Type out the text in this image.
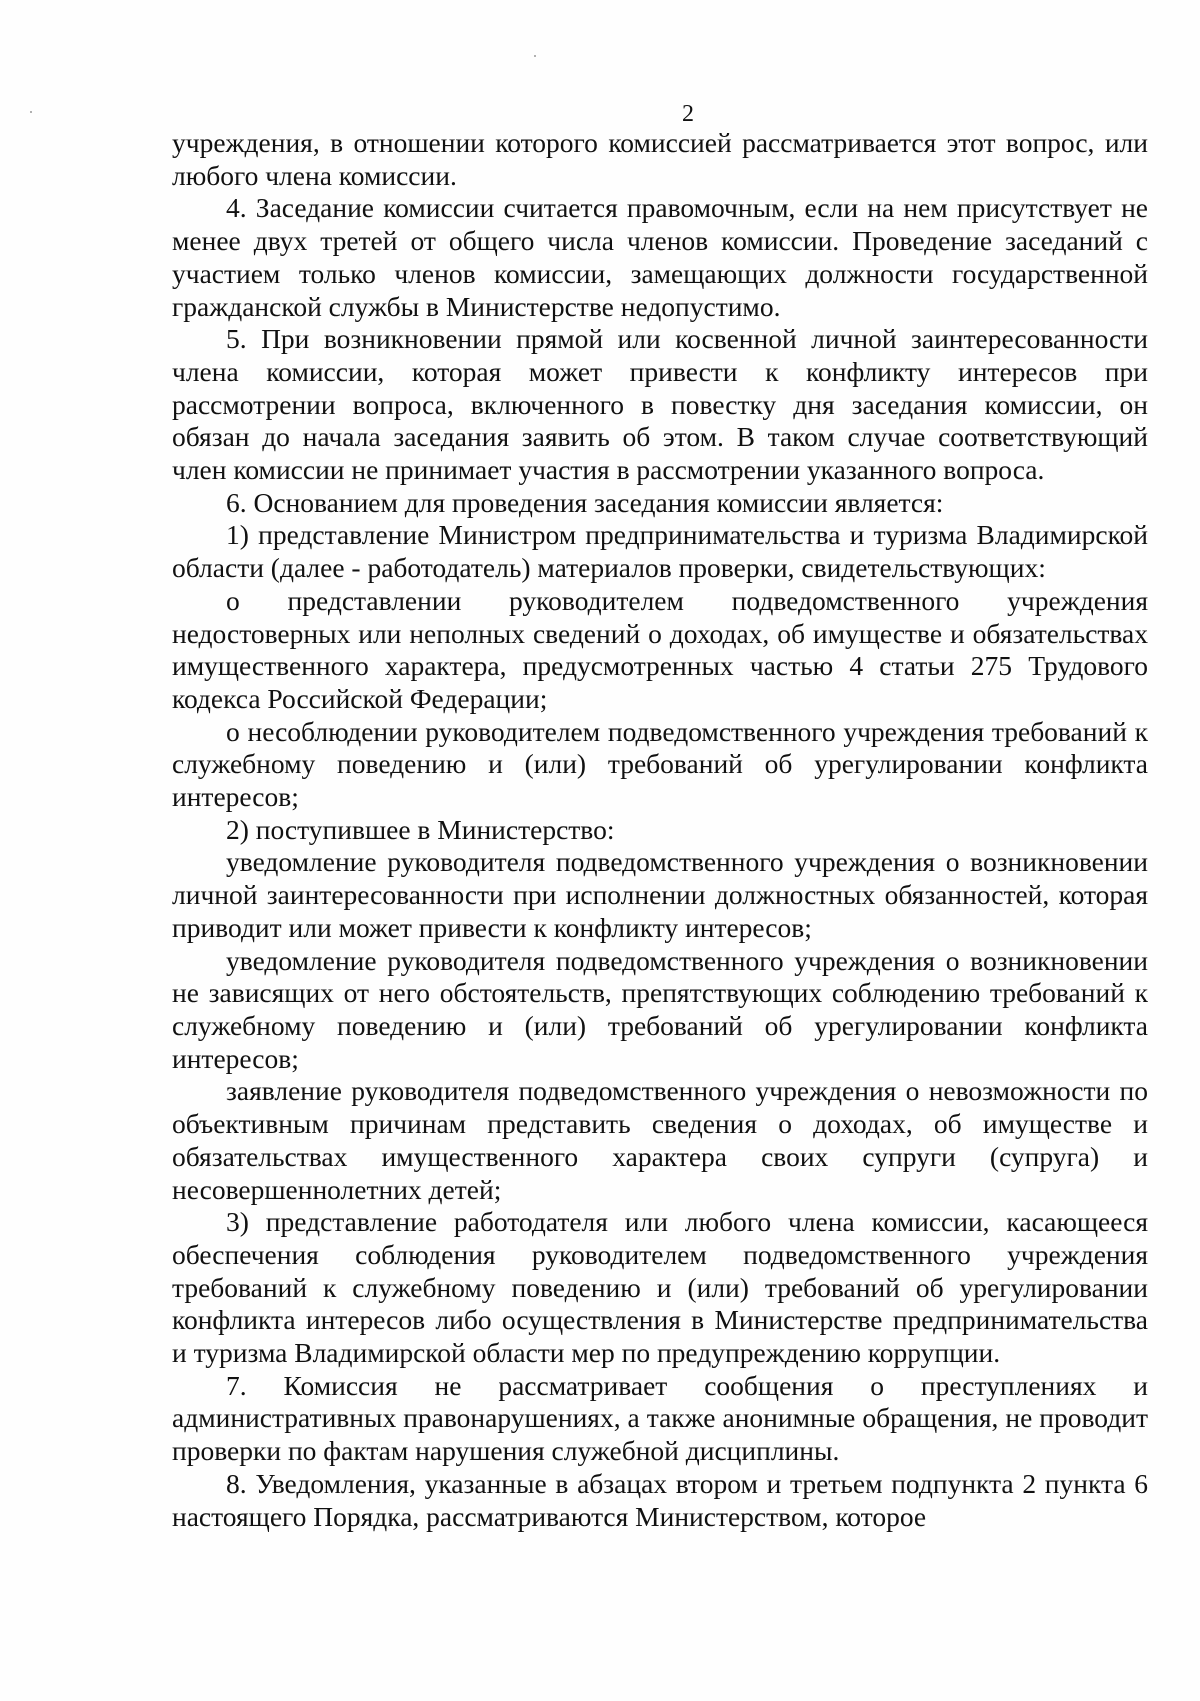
2

учреждения, в отношении которого комиссией рассматривается этот вопрос, или любого члена комиссии.

4. Заседание комиссии считается правомочным, если на нем присутствует не менее двух третей от общего числа членов комиссии. Проведение заседаний с участием только членов комиссии, замещающих должности государственной гражданской службы в Министерстве недопустимо.

5. При возникновении прямой или косвенной личной заинтересованности члена комиссии, которая может привести к конфликту интересов при рассмотрении вопроса, включенного в повестку дня заседания комиссии, он обязан до начала заседания заявить об этом. В таком случае соответствующий член комиссии не принимает участия в рассмотрении указанного вопроса.

6. Основанием для проведения заседания комиссии является:

1) представление Министром предпринимательства и туризма Владимирской области (далее - работодатель) материалов проверки, свидетельствующих:

о представлении руководителем подведомственного учреждения недостоверных или неполных сведений о доходах, об имуществе и обязательствах имущественного характера, предусмотренных частью 4 статьи 275 Трудового кодекса Российской Федерации;

о несоблюдении руководителем подведомственного учреждения требований к служебному поведению и (или) требований об урегулировании конфликта интересов;

2) поступившее в Министерство:

уведомление руководителя подведомственного учреждения о возникновении личной заинтересованности при исполнении должностных обязанностей, которая приводит или может привести к конфликту интересов;

уведомление руководителя подведомственного учреждения о возникновении не зависящих от него обстоятельств, препятствующих соблюдению требований к служебному поведению и (или) требований об урегулировании конфликта интересов;

заявление руководителя подведомственного учреждения о невозможности по объективным причинам представить сведения о доходах, об имуществе и обязательствах имущественного характера своих супруги (супруга) и несовершеннолетних детей;

3) представление работодателя или любого члена комиссии, касающееся обеспечения соблюдения руководителем подведомственного учреждения требований к служебному поведению и (или) требований об урегулировании конфликта интересов либо осуществления в Министерстве предпринимательства и туризма Владимирской области мер по предупреждению коррупции.

7. Комиссия не рассматривает сообщения о преступлениях и административных правонарушениях, а также анонимные обращения, не проводит проверки по фактам нарушения служебной дисциплины.

8. Уведомления, указанные в абзацах втором и третьем подпункта 2 пункта 6 настоящего Порядка, рассматриваются Министерством, которое
